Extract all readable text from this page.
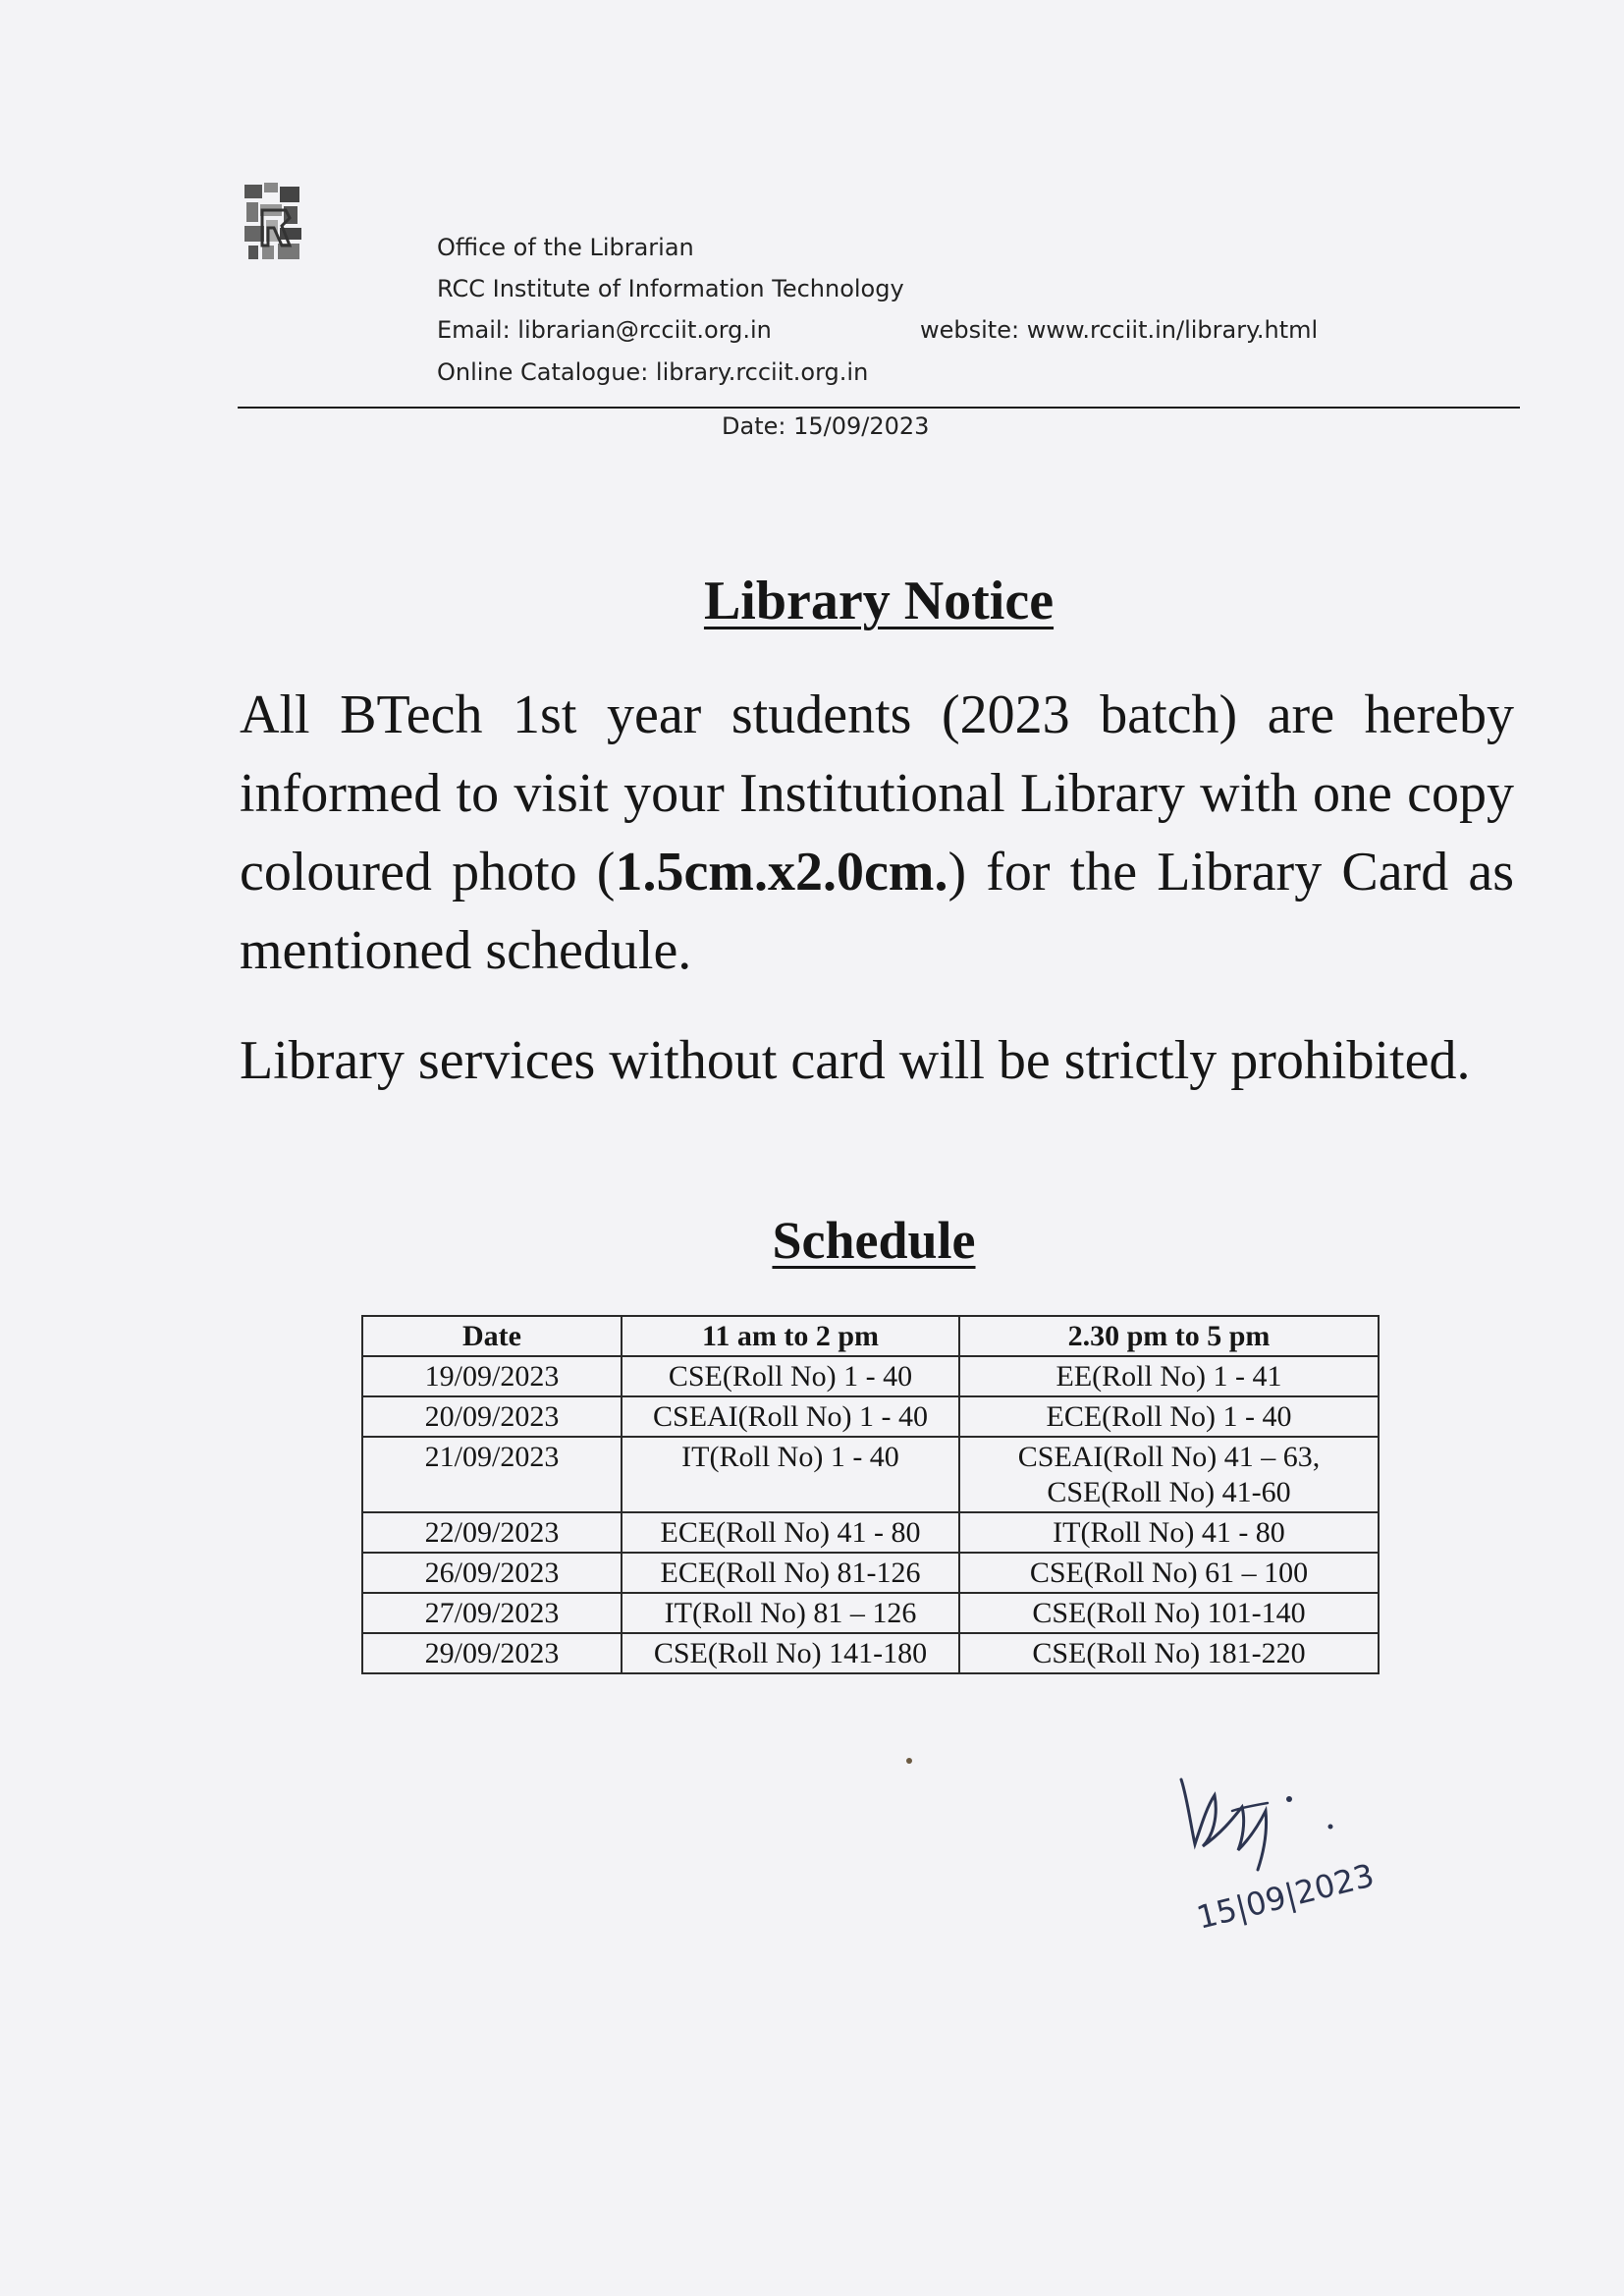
Office of the Librarian
RCC Institute of Information Technology
Email: librarian@rcciit.org.in
Online Catalogue: library.rcciit.org.in
website: www.rcciit.in/library.html
Date: 15/09/2023
Library Notice
All BTech 1st year students (2023 batch) are hereby informed to visit your Institutional Library with one copy coloured photo (1.5cm.x2.0cm.) for the Library Card as mentioned schedule.
Library services without card will be strictly prohibited.
Schedule
Date	11 am to 2 pm	2.30 pm to 5 pm
19/09/2023	CSE(Roll No) 1 - 40	EE(Roll No) 1 - 41
20/09/2023	CSEAI(Roll No) 1 - 40	ECE(Roll No) 1 - 40
21/09/2023	IT(Roll No) 1 - 40	CSEAI(Roll No) 41 – 63,
CSE(Roll No) 41-60

22/09/2023	ECE(Roll No) 41 - 80	IT(Roll No) 41 - 80
26/09/2023	ECE(Roll No) 81-126	CSE(Roll No) 61 – 100
27/09/2023	IT(Roll No) 81 – 126	CSE(Roll No) 101-140
29/09/2023	CSE(Roll No) 141-180	CSE(Roll No) 181-220
15|09|2023
